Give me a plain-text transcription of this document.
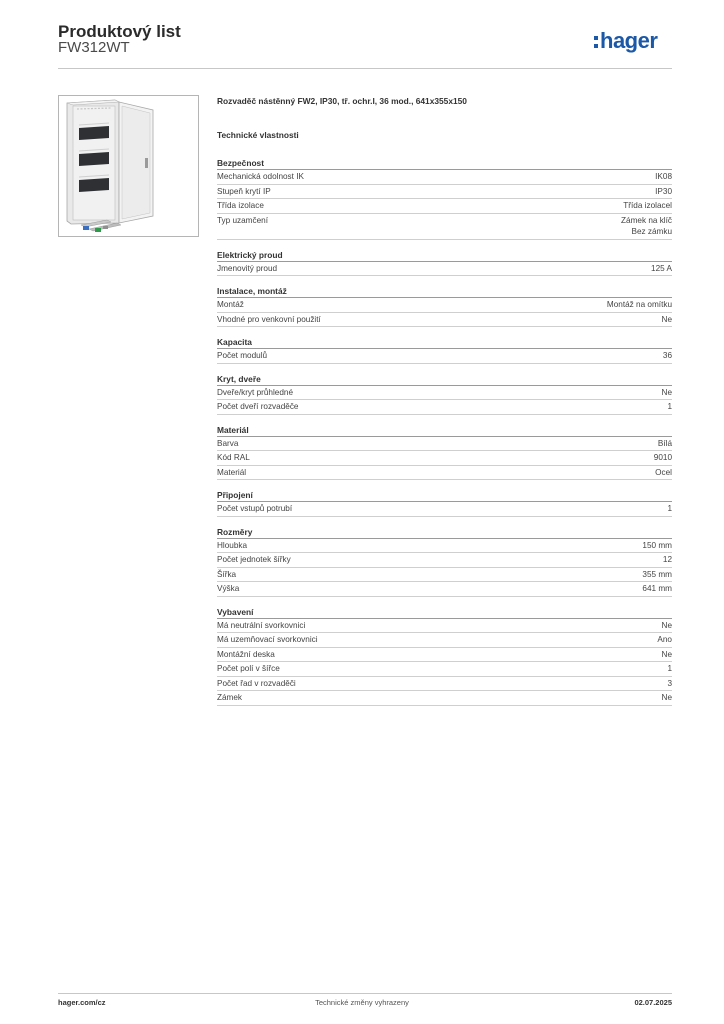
Produktový list
FW312WT	hager
Rozvaděč nástěnný FW2, IP30, tř. ochr.I, 36 mod., 641x355x150
Technické vlastnosti
Bezpečnost
Mechanická odolnost IK	IK08
Stupeň krytí IP	IP30
Třída izolace	Třída izolacel
Typ uzamčení	Zámek na klíč
Bez zámku
Elektrický proud
Jmenovitý proud	125 A
Instalace, montáž
Montáž	Montáž na omítku
Vhodné pro venkovní použití	Ne
Kapacita
Počet modulů	36
Kryt, dveře
Dveře/kryt průhledné	Ne
Počet dveří rozvaděče	1
Materiál
Barva	Bílá
Kód RAL	9010
Materiál	Ocel
Připojení
Počet vstupů potrubí	1
Rozměry
Hloubka	150 mm
Počet jednotek šířky	12
Šířka	355 mm
Výška	641 mm
Vybavení
Má neutrální svorkovnici	Ne
Má uzemňovací svorkovnici	Ano
Montážní deska	Ne
Počet polí v šířce	1
Počet řad v rozvaděči	3
Zámek	Ne
hager.com/cz	Technické změny vyhrazeny	02.07.2025
